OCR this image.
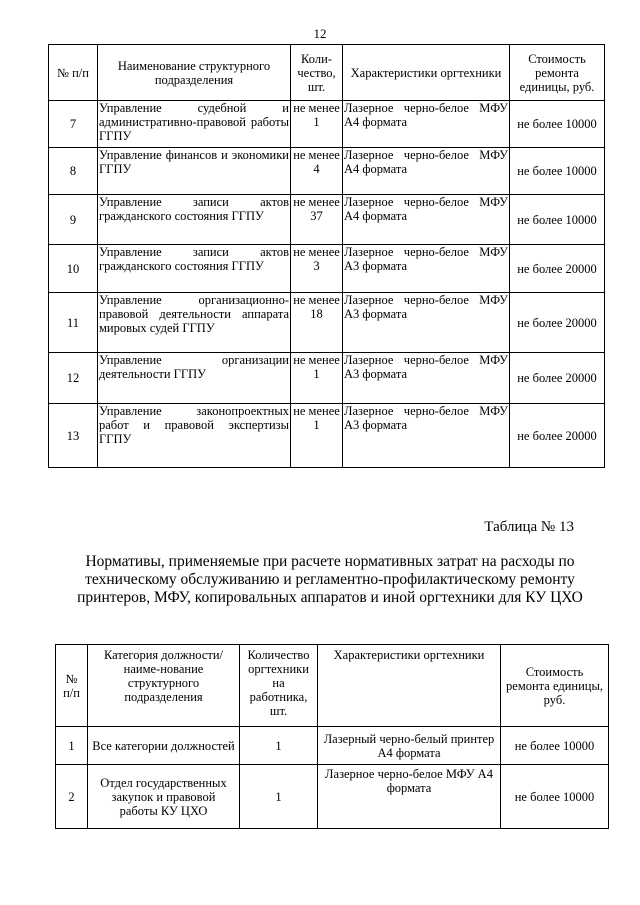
12
№ п/п	Наименование структурного подразделения	Коли-чество, шт.	Характеристики оргтехники	Стоимость ремонта единицы, руб.
7	Управление судебной и административно-правовой работы ГГПУ	не менее 1	Лазерное черно-белое МФУ А4 формата	не более 10000
8	Управление финансов и экономики ГГПУ	не менее 4	Лазерное черно-белое МФУ А4 формата	не более 10000
9	Управление записи актов гражданского состояния ГГПУ	не менее 37	Лазерное черно-белое МФУ А4 формата	не более 10000
10	Управление записи актов гражданского состояния ГГПУ	не менее 3	Лазерное черно-белое МФУ А3 формата	не более 20000
11	Управление организационно-правовой деятельности аппарата мировых судей ГГПУ	не менее 18	Лазерное черно-белое МФУ А3 формата	не более 20000
12	Управление организации деятельности ГГПУ	не менее 1	Лазерное черно-белое МФУ А3 формата	не более 20000
13	Управление законопроектных работ и правовой экспертизы ГГПУ	не менее 1	Лазерное черно-белое МФУ А3 формата	не более 20000
Таблица № 13
Нормативы, применяемые при расчете нормативных затрат на расходы по техническому обслуживанию и регламентно-профилактическому ремонту принтеров, МФУ, копировальных аппаратов и иной оргтехники для КУ ЦХО
№ п/п	Категория должности/наиме-нование структурного подразделения	Количество оргтехники на работника, шт.	Характеристики оргтехники	Стоимость ремонта единицы, руб.
1	Все категории должностей	1	Лазерный черно-белый принтер А4 формата	не более 10000
2	Отдел государственных закупок и правовой работы КУ ЦХО	1	Лазерное черно-белое МФУ А4 формата	не более 10000
